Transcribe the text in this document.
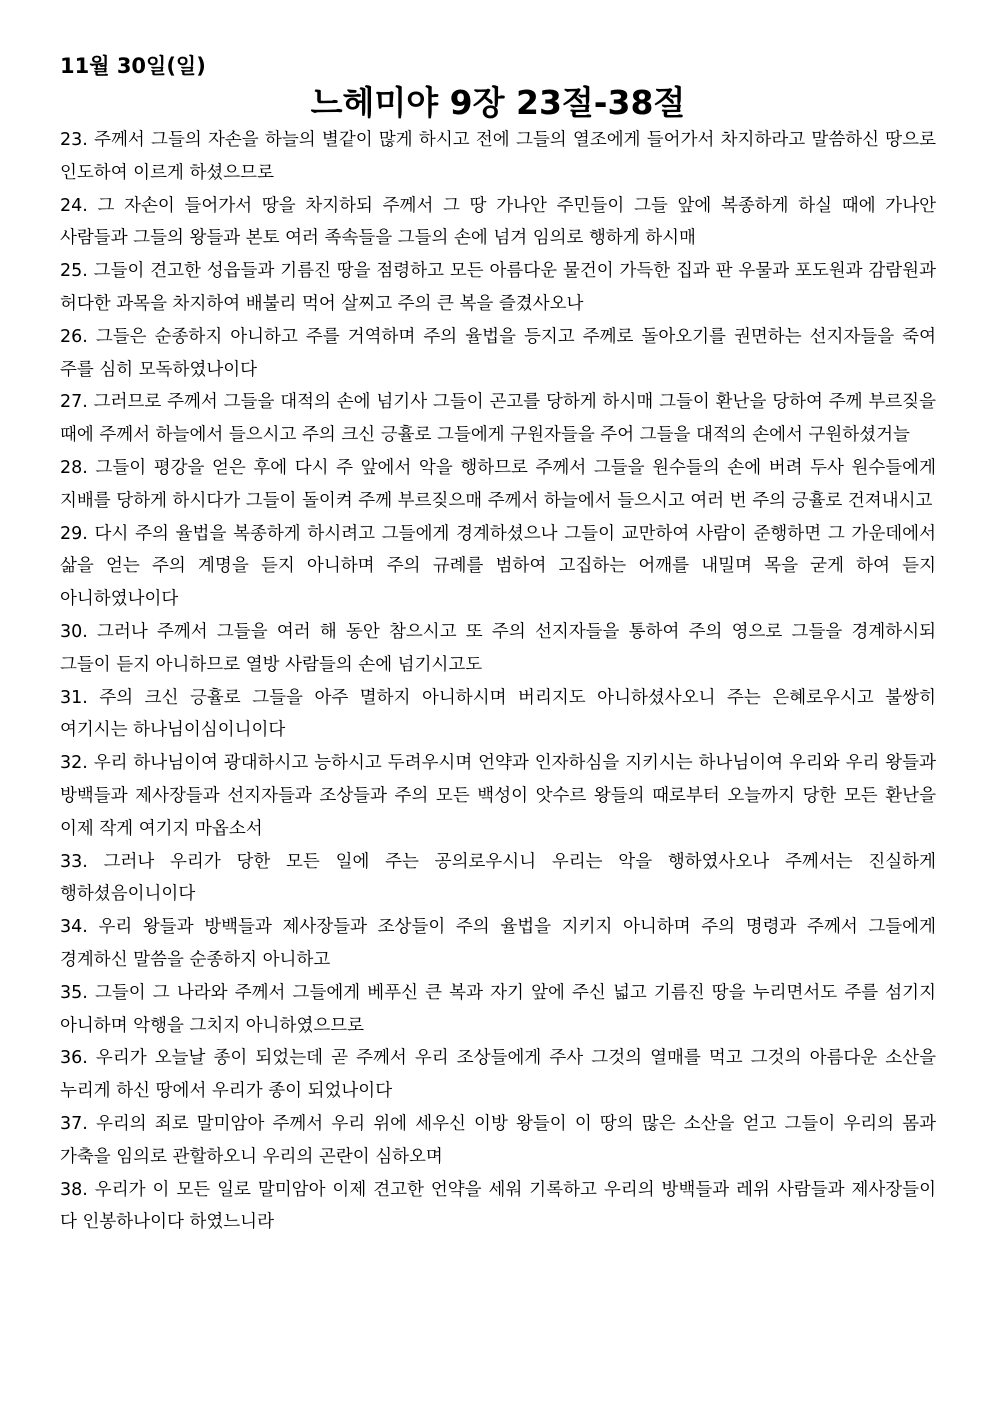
11월 30일(일)
느헤미야 9장 23절-38절

23. 주께서 그들의 자손을 하늘의 별같이 많게 하시고 전에 그들의 열조에게 들어가서 차지하라고 말씀하신 땅으로 인도하여 이르게 하셨으므로

24. 그 자손이 들어가서 땅을 차지하되 주께서 그 땅 가나안 주민들이 그들 앞에 복종하게 하실 때에 가나안 사람들과 그들의 왕들과 본토 여러 족속들을 그들의 손에 넘겨 임의로 행하게 하시매

25. 그들이 견고한 성읍들과 기름진 땅을 점령하고 모든 아름다운 물건이 가득한 집과 판 우물과 포도원과 감람원과 허다한 과목을 차지하여 배불리 먹어 살찌고 주의 큰 복을 즐겼사오나

26. 그들은 순종하지 아니하고 주를 거역하며 주의 율법을 등지고 주께로 돌아오기를 권면하는 선지자들을 죽여 주를 심히 모독하였나이다

27. 그러므로 주께서 그들을 대적의 손에 넘기사 그들이 곤고를 당하게 하시매 그들이 환난을 당하여 주께 부르짖을 때에 주께서 하늘에서 들으시고 주의 크신 긍휼로 그들에게 구원자들을 주어 그들을 대적의 손에서 구원하셨거늘

28. 그들이 평강을 얻은 후에 다시 주 앞에서 악을 행하므로 주께서 그들을 원수들의 손에 버려 두사 원수들에게 지배를 당하게 하시다가 그들이 돌이켜 주께 부르짖으매 주께서 하늘에서 들으시고 여러 번 주의 긍휼로 건져내시고

29. 다시 주의 율법을 복종하게 하시려고 그들에게 경계하셨으나 그들이 교만하여 사람이 준행하면 그 가운데에서 삶을 얻는 주의 계명을 듣지 아니하며 주의 규례를 범하여 고집하는 어깨를 내밀며 목을 굳게 하여 듣지 아니하였나이다

30. 그러나 주께서 그들을 여러 해 동안 참으시고 또 주의 선지자들을 통하여 주의 영으로 그들을 경계하시되 그들이 듣지 아니하므로 열방 사람들의 손에 넘기시고도

31. 주의 크신 긍휼로 그들을 아주 멸하지 아니하시며 버리지도 아니하셨사오니 주는 은혜로우시고 불쌍히 여기시는 하나님이심이니이다

32. 우리 하나님이여 광대하시고 능하시고 두려우시며 언약과 인자하심을 지키시는 하나님이여 우리와 우리 왕들과 방백들과 제사장들과 선지자들과 조상들과 주의 모든 백성이 앗수르 왕들의 때로부터 오늘까지 당한 모든 환난을 이제 작게 여기지 마옵소서

33. 그러나 우리가 당한 모든 일에 주는 공의로우시니 우리는 악을 행하였사오나 주께서는 진실하게 행하셨음이니이다

34. 우리 왕들과 방백들과 제사장들과 조상들이 주의 율법을 지키지 아니하며 주의 명령과 주께서 그들에게 경계하신 말씀을 순종하지 아니하고

35. 그들이 그 나라와 주께서 그들에게 베푸신 큰 복과 자기 앞에 주신 넓고 기름진 땅을 누리면서도 주를 섬기지 아니하며 악행을 그치지 아니하였으므로

36. 우리가 오늘날 종이 되었는데 곧 주께서 우리 조상들에게 주사 그것의 열매를 먹고 그것의 아름다운 소산을 누리게 하신 땅에서 우리가 종이 되었나이다

37. 우리의 죄로 말미암아 주께서 우리 위에 세우신 이방 왕들이 이 땅의 많은 소산을 얻고 그들이 우리의 몸과 가축을 임의로 관할하오니 우리의 곤란이 심하오며

38. 우리가 이 모든 일로 말미암아 이제 견고한 언약을 세워 기록하고 우리의 방백들과 레위 사람들과 제사장들이 다 인봉하나이다 하였느니라
